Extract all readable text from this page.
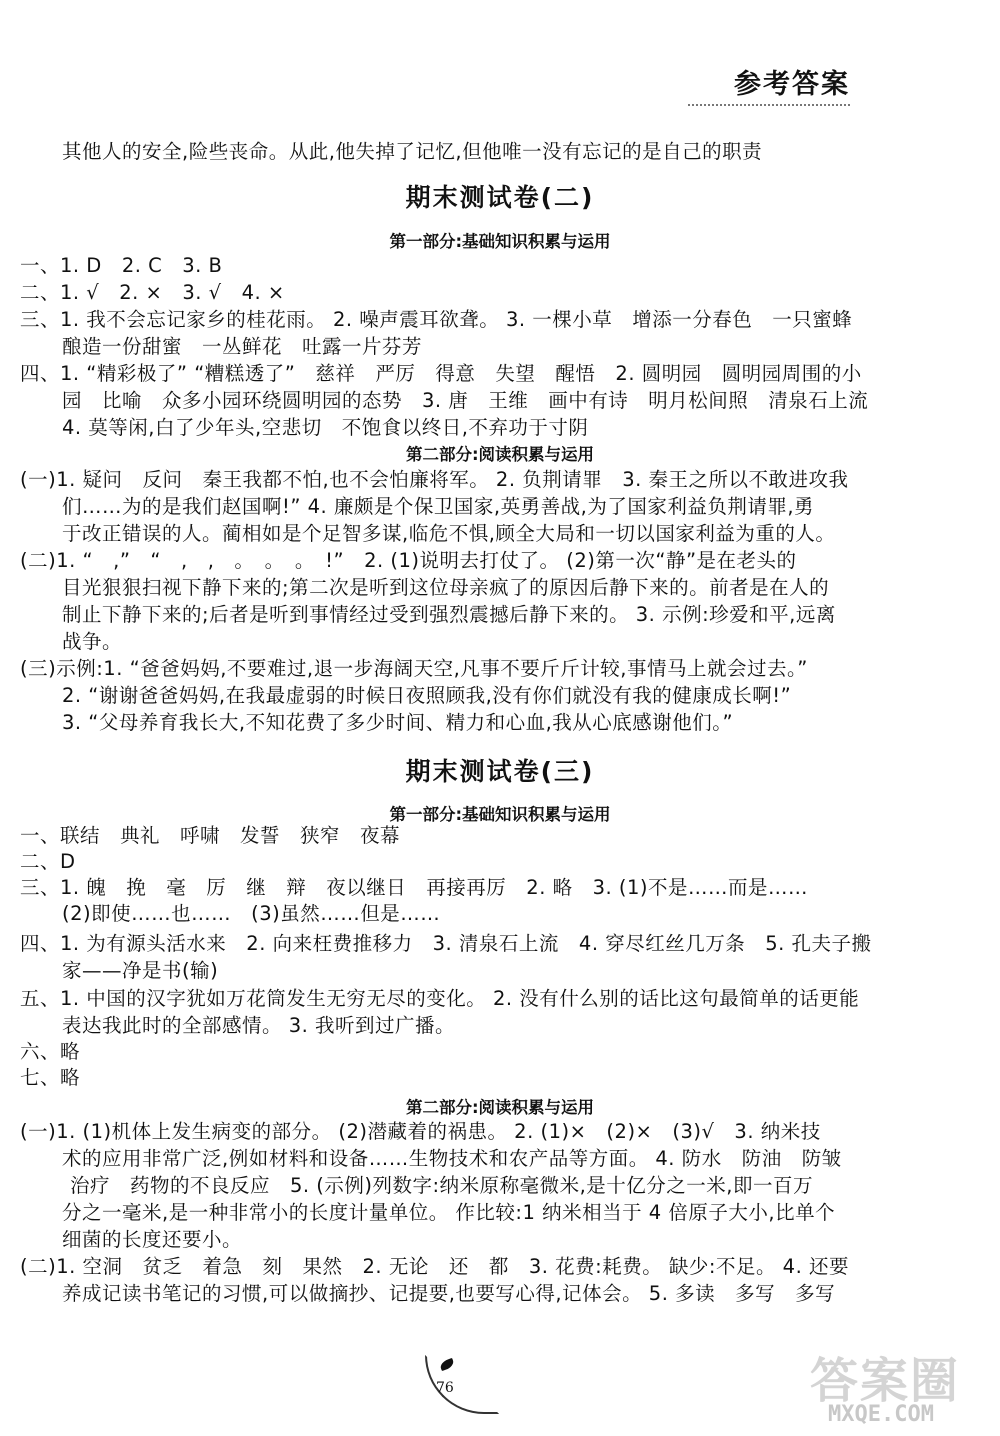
参考答案
其他人的安全,险些丧命。从此,他失掉了记忆,但他唯一没有忘记的是自己的职责
期末测试卷(二)
第一部分:基础知识积累与运用
一、1. D　2. C　3. B
二、1. √　2. ×　3. √　4. ×
三、1. 我不会忘记家乡的桂花雨。 2. 噪声震耳欲聋。 3. 一棵小草　增添一分春色　一只蜜蜂
酿造一份甜蜜　一丛鲜花　吐露一片芬芳
四、1. “精彩极了” “糟糕透了”　慈祥　严厉　得意　失望　醒悟　2. 圆明园　圆明园周围的小
园　比喻　众多小园环绕圆明园的态势　3. 唐　王维　画中有诗　明月松间照　清泉石上流
4. 莫等闲,白了少年头,空悲切　不饱食以终日,不弃功于寸阴
第二部分:阅读积累与运用
(一)1. 疑问　反问　秦王我都不怕,也不会怕廉将军。 2. 负荆请罪　3. 秦王之所以不敢进攻我
们……为的是我们赵国啊!” 4. 廉颇是个保卫国家,英勇善战,为了国家利益负荆请罪,勇
于改正错误的人。蔺相如是个足智多谋,临危不惧,顾全大局和一切以国家利益为重的人。
(二)1. “　,”　“　,　,　。　。　。　!”　2. (1)说明去打仗了。 (2)第一次“静”是在老头的
目光狠狠扫视下静下来的;第二次是听到这位母亲疯了的原因后静下来的。前者是在人的
制止下静下来的;后者是听到事情经过受到强烈震撼后静下来的。 3. 示例:珍爱和平,远离
战争。
(三)示例:1. “爸爸妈妈,不要难过,退一步海阔天空,凡事不要斤斤计较,事情马上就会过去。”
2. “谢谢爸爸妈妈,在我最虚弱的时候日夜照顾我,没有你们就没有我的健康成长啊!”
3. “父母养育我长大,不知花费了多少时间、精力和心血,我从心底感谢他们。”
期末测试卷(三)
第一部分:基础知识积累与运用
一、联结　典礼　呼啸　发誓　狭窄　夜幕
二、D
三、1. 魄　挽　毫　厉　继　辩　夜以继日　再接再厉　2. 略　3. (1)不是……而是……
(2)即使……也……　(3)虽然……但是……
四、1. 为有源头活水来　2. 向来枉费推移力　3. 清泉石上流　4. 穿尽红丝几万条　5. 孔夫子搬
家——净是书(输)
五、1. 中国的汉字犹如万花筒发生无穷无尽的变化。 2. 没有什么别的话比这句最简单的话更能
表达我此时的全部感情。 3. 我听到过广播。
六、略
七、略
第二部分:阅读积累与运用
(一)1. (1)机体上发生病变的部分。 (2)潜藏着的祸患。 2. (1)×　(2)×　(3)√　3. 纳米技
术的应用非常广泛,例如材料和设备……生物技术和农产品等方面。 4. 防水　防油　防皱
治疗　药物的不良反应　5. (示例)列数字:纳米原称毫微米,是十亿分之一米,即一百万
分之一毫米,是一种非常小的长度计量单位。 作比较:1 纳米相当于 4 倍原子大小,比单个
细菌的长度还要小。
(二)1. 空洞　贫乏　着急　刻　果然　2. 无论　还　都　3. 花费:耗费。 缺少:不足。 4. 还要
养成记读书笔记的习惯,可以做摘抄、记提要,也要写心得,记体会。 5. 多读　多写　多写
76	答案圈
MXQE.COM
